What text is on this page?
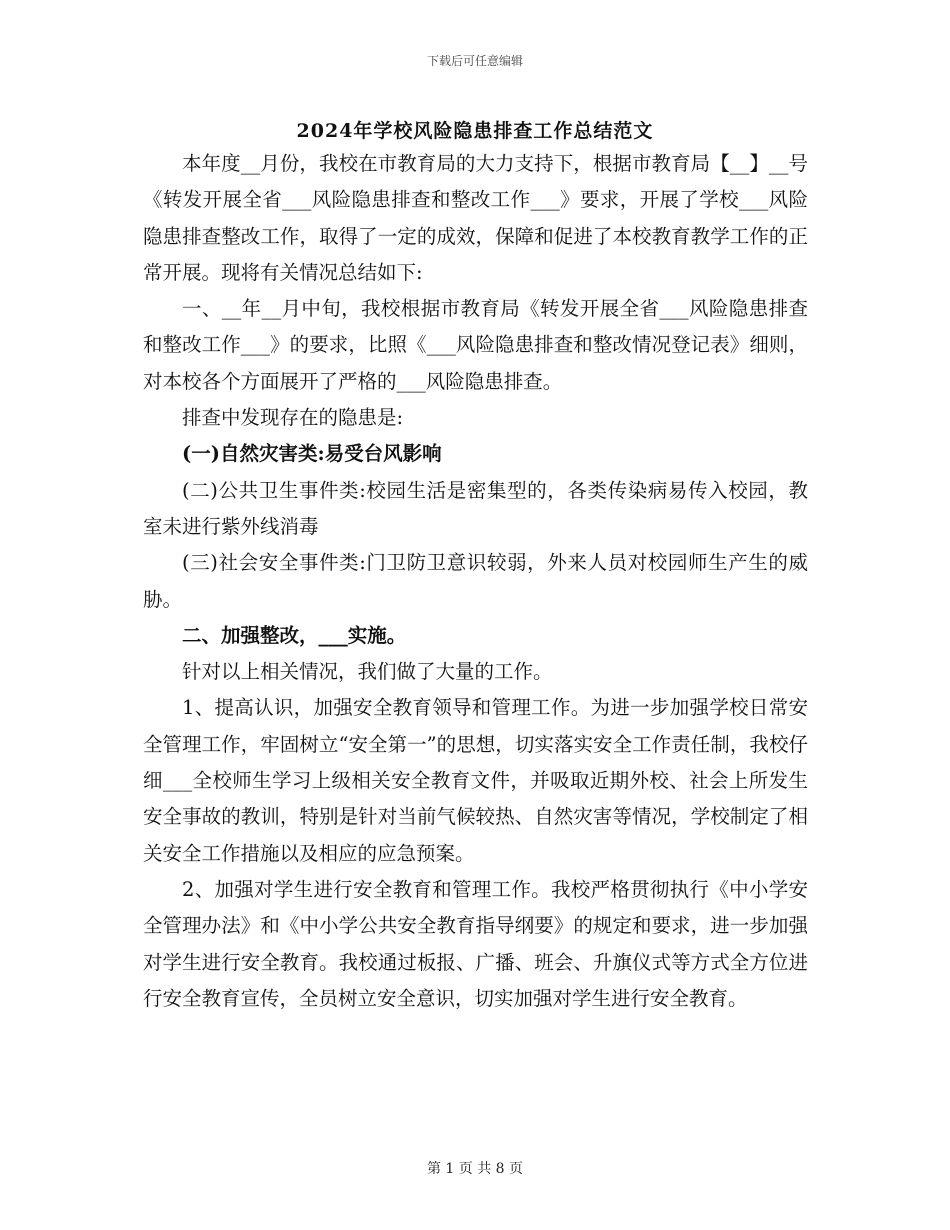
下载后可任意编辑
2024年学校风险隐患排查工作总结范文

本年度__月份，我校在市教育局的大力支持下，根据市教育局【__】__号《转发开展全省___风险隐患排查和整改工作___》要求，开展了学校___风险隐患排查整改工作，取得了一定的成效，保障和促进了本校教育教学工作的正常开展。现将有关情况总结如下:

一、__年__月中旬，我校根据市教育局《转发开展全省___风险隐患排查和整改工作___》的要求，比照《___风险隐患排查和整改情况登记表》细则，对本校各个方面展开了严格的___风险隐患排查。

排查中发现存在的隐患是:

(一)自然灾害类:易受台风影响

(二)公共卫生事件类:校园生活是密集型的，各类传染病易传入校园，教室未进行紫外线消毒

(三)社会安全事件类:门卫防卫意识较弱，外来人员对校园师生产生的威胁。

二、加强整改，___实施。

针对以上相关情况，我们做了大量的工作。

1、提高认识，加强安全教育领导和管理工作。为进一步加强学校日常安全管理工作，牢固树立“安全第一”的思想，切实落实安全工作责任制，我校仔细___全校师生学习上级相关安全教育文件，并吸取近期外校、社会上所发生安全事故的教训，特别是针对当前气候较热、自然灾害等情况，学校制定了相关安全工作措施以及相应的应急预案。

2、加强对学生进行安全教育和管理工作。我校严格贯彻执行《中小学安全管理办法》和《中小学公共安全教育指导纲要》的规定和要求，进一步加强对学生进行安全教育。我校通过板报、广播、班会、升旗仪式等方式全方位进行安全教育宣传，全员树立安全意识，切实加强对学生进行安全教育。

第 1 页 共 8 页
